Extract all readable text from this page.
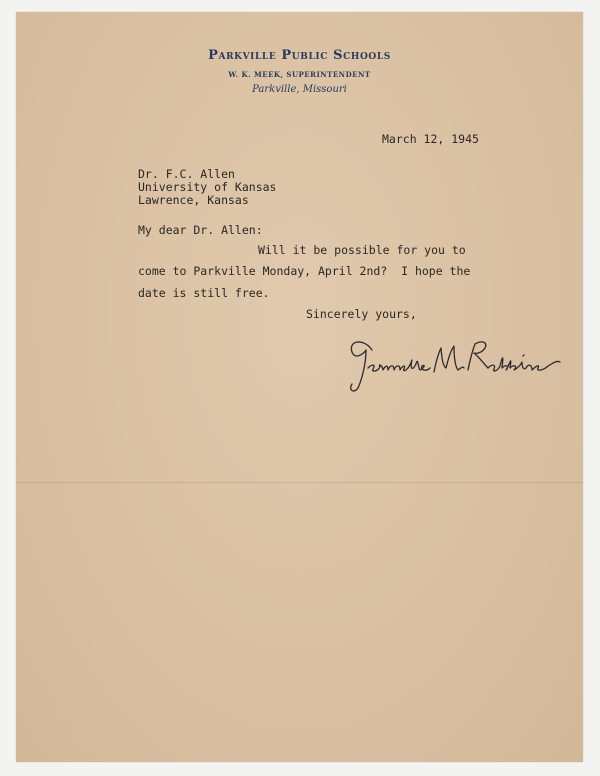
Parkville Public Schools
W. K. MEEK, SUPERINTENDENT
Parkville, Missouri
March 12, 1945
Dr. F.C. Allen
University of Kansas
Lawrence, Kansas
My dear Dr. Allen:
Will it be possible for you to
come to Parkville Monday, April 2nd?  I hope the
date is still free.
Sincerely yours,
